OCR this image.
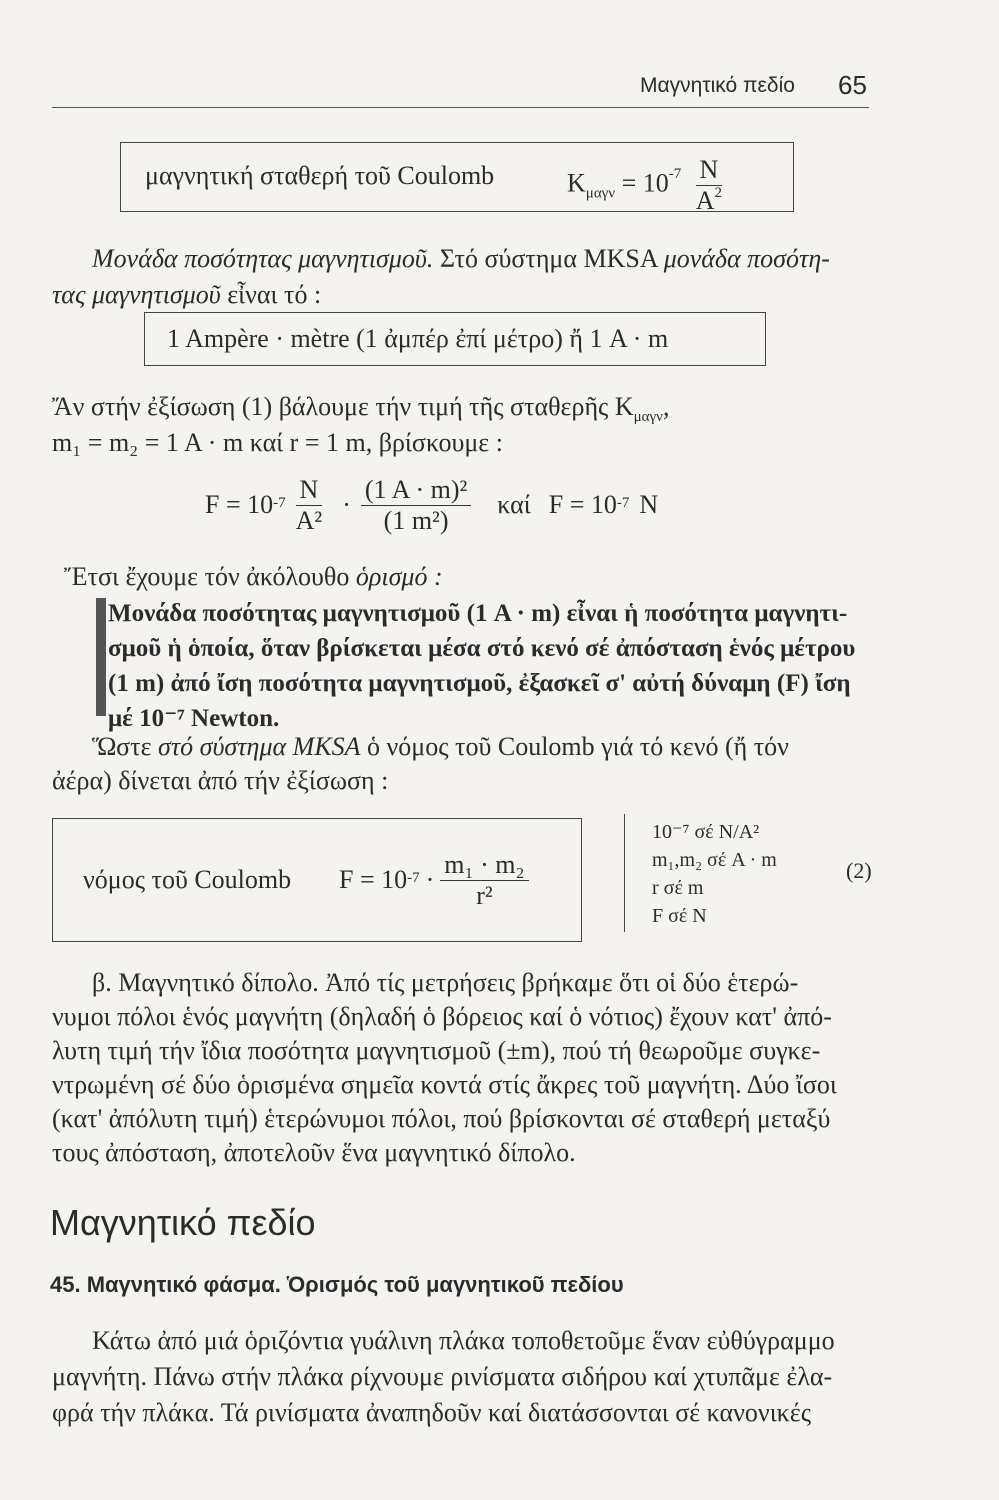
Μαγνητικό πεδίο 65
μαγνητική σταθερή τοῦ Coulomb	$K_{\mu\alpha\gamma\nu} = 10^{-7} \frac{N}{A^2}$
Μονάδα ποσότητας μαγνητισμοῦ. Στό σύστημα MKSA μονάδα ποσότη-
τας μαγνητισμοῦ εἶναι τό :
1 Ampère · mètre (1 ἀμπέρ ἐπί μέτρο) ἤ 1 A · m
Ἄν στήν ἐξίσωση (1) βάλουμε τήν τιμή τῆς σταθερῆς $K_{\mu\alpha\gamma\nu}$,
m₁ = m₂ = 1 A · m καί r = 1 m, βρίσκουμε :
$F = 10^{-7} \frac{N}{\text{A²}} \cdot \frac{\text{(1 A · m)²}}{\text{(1 m²)}}$ καί $F = 10^{-7}$ N
Ἔτσι ἔχουμε τόν ἀκόλουθο ὁρισμό :
Μονάδα ποσότητας μαγνητισμοῦ (1 A · m) εἶναι ἡ ποσότητα μαγνητι-
σμοῦ ἡ ὁποία, ὅταν βρίσκεται μέσα στό κενό σέ ἀπόσταση ἑνός μέτρου
(1 m) ἀπό ἴση ποσότητα μαγνητισμοῦ, ἐξασκεῖ σ' αὐτή δύναμη (F) ἴση
μέ 10⁻⁷ Newton.
Ὥστε στό σύστημα MKSA ὁ νόμος τοῦ Coulomb γιά τό κενό (ἤ τόν
ἀέρα) δίνεται ἀπό τήν ἐξίσωση :
νόμος τοῦ Coulomb $F = 10^{-7} \cdot \frac{\text{m₁ · m₂}}{\text{r²}}$
10⁻⁷ σέ N/A²
m₁,m₂ σέ A · m
r σέ m
F σέ N
(2)
β. Μαγνητικό δίπολο. Ἀπό τίς μετρήσεις βρήκαμε ὅτι οἱ δύο ἑτερώ-
νυμοι πόλοι ἑνός μαγνήτη (δηλαδή ὁ βόρειος καί ὁ νότιος) ἔχουν κατ' ἀπό-
λυτη τιμή τήν ἴδια ποσότητα μαγνητισμοῦ (±m), πού τή θεωροῦμε συγκε-
ντρωμένη σέ δύο ὁρισμένα σημεῖα κοντά στίς ἄκρες τοῦ μαγνήτη. Δύο ἴσοι
(κατ' ἀπόλυτη τιμή) ἑτερώνυμοι πόλοι, πού βρίσκονται σέ σταθερή μεταξύ
τους ἀπόσταση, ἀποτελοῦν ἕνα μαγνητικό δίπολο.
Μαγνητικό πεδίο
45. Μαγνητικό φάσμα. Ὁρισμός τοῦ μαγνητικοῦ πεδίου
Κάτω ἀπό μιά ὁριζόντια γυάλινη πλάκα τοποθετοῦμε ἕναν εὐθύγραμμο
μαγνήτη. Πάνω στήν πλάκα ρίχνουμε ρινίσματα σιδήρου καί χτυπᾶμε ἐλα-
φρά τήν πλάκα. Τά ρινίσματα ἀναπηδοῦν καί διατάσσονται σέ κανονικές
